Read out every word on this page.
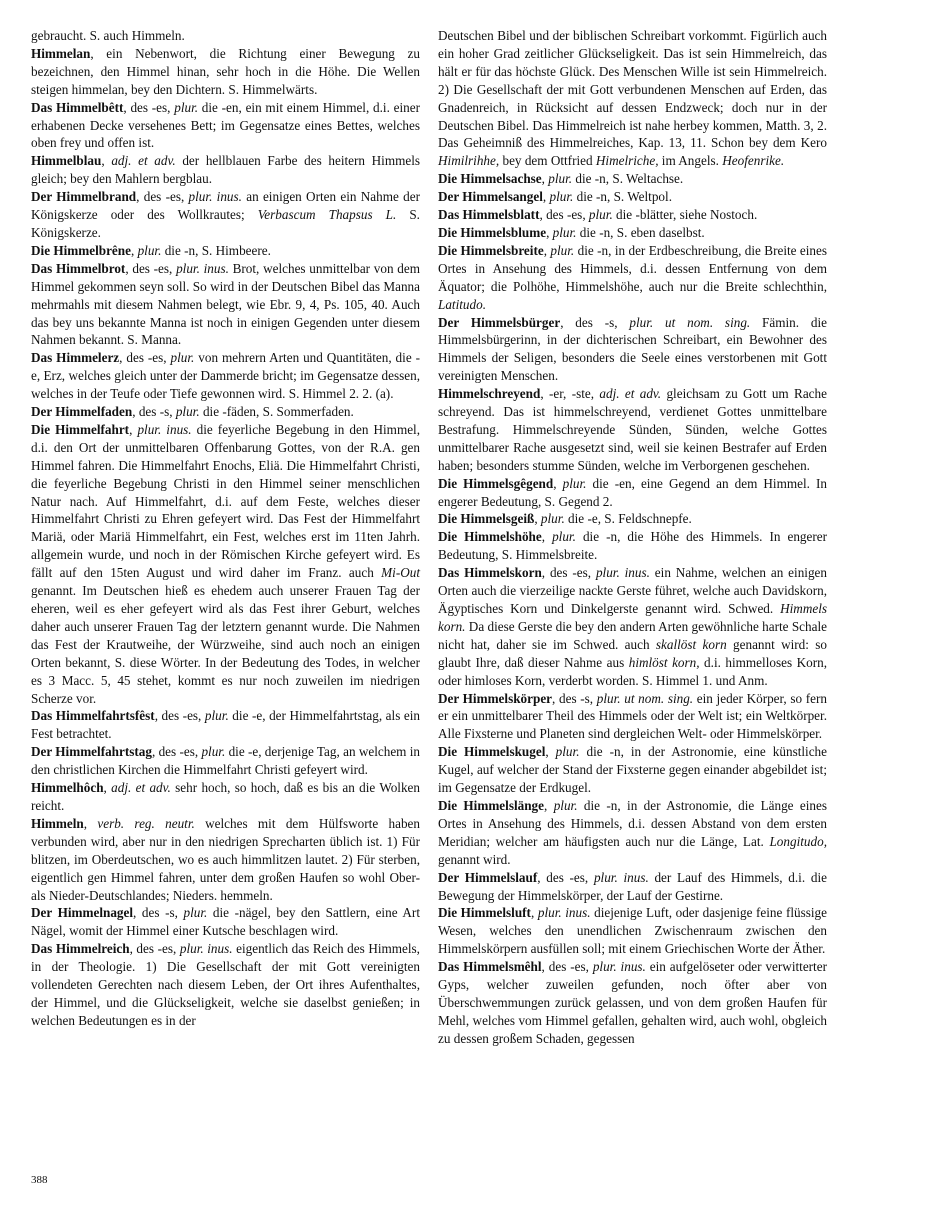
gebraucht. S. auch Himmeln.

Himmelan, ein Nebenwort, die Richtung einer Bewegung zu bezeichnen, den Himmel hinan, sehr hoch in die Höhe. Die Wellen steigen himmelan, bey den Dichtern. S. Himmelwärts.

Das Himmelbêtt, des -es, plur. die -en, ein mit einem Himmel, d.i. einer erhabenen Decke versehenes Bett; im Gegensatze eines Bettes, welches oben frey und offen ist.

Himmelblau, adj. et adv. der hellblauen Farbe des heitern Himmels gleich; bey den Mahlern bergblau.

Der Himmelbrand, des -es, plur. inus. an einigen Orten ein Nahme der Königskerze oder des Wollkrautes; Verbascum Thapsus L. S. Königskerze.

Die Himmelbrêne, plur. die -n, S. Himbeere.

Das Himmelbrot, des -es, plur. inus. Brot, welches unmittelbar von dem Himmel gekommen seyn soll. So wird in der Deutschen Bibel das Manna mehrmahls mit diesem Nahmen belegt, wie Ebr. 9, 4, Ps. 105, 40. Auch das bey uns bekannte Manna ist noch in einigen Gegenden unter diesem Nahmen bekannt. S. Manna.

Das Himmelerz, des -es, plur. von mehrern Arten und Quantitäten, die -e, Erz, welches gleich unter der Dammerde bricht; im Gegensatze dessen, welches in der Teufe oder Tiefe gewonnen wird. S. Himmel 2. 2. (a).

Der Himmelfaden, des -s, plur. die -fäden, S. Sommerfaden.

Die Himmelfahrt, plur. inus. die feyerliche Begebung in den Himmel, d.i. den Ort der unmittelbaren Offenbarung Gottes, von der R.A. gen Himmel fahren. Die Himmelfahrt Enochs, Eliä. Die Himmelfahrt Christi, die feyerliche Begebung Christi in den Himmel seiner menschlichen Natur nach. Auf Himmelfahrt, d.i. auf dem Feste, welches dieser Himmelfahrt Christi zu Ehren gefeyert wird. Das Fest der Himmelfahrt Mariä, oder Mariä Himmelfahrt, ein Fest, welches erst im 11ten Jahrh. allgemein wurde, und noch in der Römischen Kirche gefeyert wird. Es fällt auf den 15ten August und wird daher im Franz. auch Mi-Out genannt. Im Deutschen hieß es ehedem auch unserer Frauen Tag der eheren, weil es eher gefeyert wird als das Fest ihrer Geburt, welches daher auch unserer Frauen Tag der letztern genannt wurde. Die Nahmen das Fest der Krautweihe, der Würzweihe, sind auch noch an einigen Orten bekannt, S. diese Wörter. In der Bedeutung des Todes, in welcher es 3 Macc. 5, 45 stehet, kommt es nur noch zuweilen im niedrigen Scherze vor.

Das Himmelfahrtsfêst, des -es, plur. die -e, der Himmelfahrtstag, als ein Fest betrachtet.

Der Himmelfahrtstag, des -es, plur. die -e, derjenige Tag, an welchem in den christlichen Kirchen die Himmelfahrt Christi gefeyert wird.

Himmelhôch, adj. et adv. sehr hoch, so hoch, daß es bis an die Wolken reicht.

Himmeln, verb. reg. neutr. welches mit dem Hülfsworte haben verbunden wird, aber nur in den niedrigen Sprecharten üblich ist. 1) Für blitzen, im Oberdeutschen, wo es auch himmlitzen lautet. 2) Für sterben, eigentlich gen Himmel fahren, unter dem großen Haufen so wohl Ober- als Nieder-Deutschlandes; Nieders. hemmeln.

Der Himmelnagel, des -s, plur. die -nägel, bey den Sattlern, eine Art Nägel, womit der Himmel einer Kutsche beschlagen wird.

Das Himmelreich, des -es, plur. inus. eigentlich das Reich des Himmels, in der Theologie. 1) Die Gesellschaft der mit Gott vereinigten vollendeten Gerechten nach diesem Leben, der Ort ihres Aufenthaltes, der Himmel, und die Glückseligkeit, welche sie daselbst genießen; in welchen Bedeutungen es in der

Deutschen Bibel und der biblischen Schreibart vorkommt. Figürlich auch ein hoher Grad zeitlicher Glückseligkeit. Das ist sein Himmelreich, das hält er für das höchste Glück. Des Menschen Wille ist sein Himmelreich. 2) Die Gesellschaft der mit Gott verbundenen Menschen auf Erden, das Gnadenreich, in Rücksicht auf dessen Endzweck; doch nur in der Deutschen Bibel. Das Himmelreich ist nahe herbey kommen, Matth. 3, 2. Das Geheimniß des Himmelreiches, Kap. 13, 11. Schon bey dem Kero Himilrihhe, bey dem Ottfried Himelriche, im Angels. Heofenrike.

Die Himmelsachse, plur. die -n, S. Weltachse.

Der Himmelsangel, plur. die -n, S. Weltpol.

Das Himmelsblatt, des -es, plur. die -blätter, siehe Nostoch.

Die Himmelsblume, plur. die -n, S. eben daselbst.

Die Himmelsbreite, plur. die -n, in der Erdbeschreibung, die Breite eines Ortes in Ansehung des Himmels, d.i. dessen Entfernung von dem Äquator; die Polhöhe, Himmelshöhe, auch nur die Breite schlechthin, Latitudo.

Der Himmelsbürger, des -s, plur. ut nom. sing. Fämin. die Himmelsbürgerinn, in der dichterischen Schreibart, ein Bewohner des Himmels der Seligen, besonders die Seele eines verstorbenen mit Gott vereinigten Menschen.

Himmelschreyend, -er, -ste, adj. et adv. gleichsam zu Gott um Rache schreyend. Das ist himmelschreyend, verdienet Gottes unmittelbare Bestrafung. Himmelschreyende Sünden, Sünden, welche Gottes unmittelbarer Rache ausgesetzt sind, weil sie keinen Bestrafer auf Erden haben; besonders stumme Sünden, welche im Verborgenen geschehen.

Die Himmelsgêgend, plur. die -en, eine Gegend an dem Himmel. In engerer Bedeutung, S. Gegend 2.

Die Himmelsgeiß, plur. die -e, S. Feldschnepfe.

Die Himmelshöhe, plur. die -n, die Höhe des Himmels. In engerer Bedeutung, S. Himmelsbreite.

Das Himmelskorn, des -es, plur. inus. ein Nahme, welchen an einigen Orten auch die vierzeilige nackte Gerste führet, welche auch Davidskorn, Ägyptisches Korn und Dinkelgerste genannt wird. Schwed. Himmels korn. Da diese Gerste die bey den andern Arten gewöhnliche harte Schale nicht hat, daher sie im Schwed. auch skallöst korn genannt wird: so glaubt Ihre, daß dieser Nahme aus himlöst korn, d.i. himmelloses Korn, oder himloses Korn, verderbt worden. S. Himmel 1. und Anm.

Der Himmelskörper, des -s, plur. ut nom. sing. ein jeder Körper, so fern er ein unmittelbarer Theil des Himmels oder der Welt ist; ein Weltkörper. Alle Fixsterne und Planeten sind dergleichen Welt- oder Himmelskörper.

Die Himmelskugel, plur. die -n, in der Astronomie, eine künstliche Kugel, auf welcher der Stand der Fixsterne gegen einander abgebildet ist; im Gegensatze der Erdkugel.

Die Himmelslänge, plur. die -n, in der Astronomie, die Länge eines Ortes in Ansehung des Himmels, d.i. dessen Abstand von dem ersten Meridian; welcher am häufigsten auch nur die Länge, Lat. Longitudo, genannt wird.

Der Himmelslauf, des -es, plur. inus. der Lauf des Himmels, d.i. die Bewegung der Himmelskörper, der Lauf der Gestirne.

Die Himmelsluft, plur. inus. diejenige Luft, oder dasjenige feine flüssige Wesen, welches den unendlichen Zwischenraum zwischen den Himmelskörpern ausfüllen soll; mit einem Griechischen Worte der Äther.

Das Himmelsmêhl, des -es, plur. inus. ein aufgelöseter oder verwitterter Gyps, welcher zuweilen gefunden, noch öfter aber von Überschwemmungen zurück gelassen, und von dem großen Haufen für Mehl, welches vom Himmel gefallen, gehalten wird, auch wohl, obgleich zu dessen großem Schaden, gegessen

388
